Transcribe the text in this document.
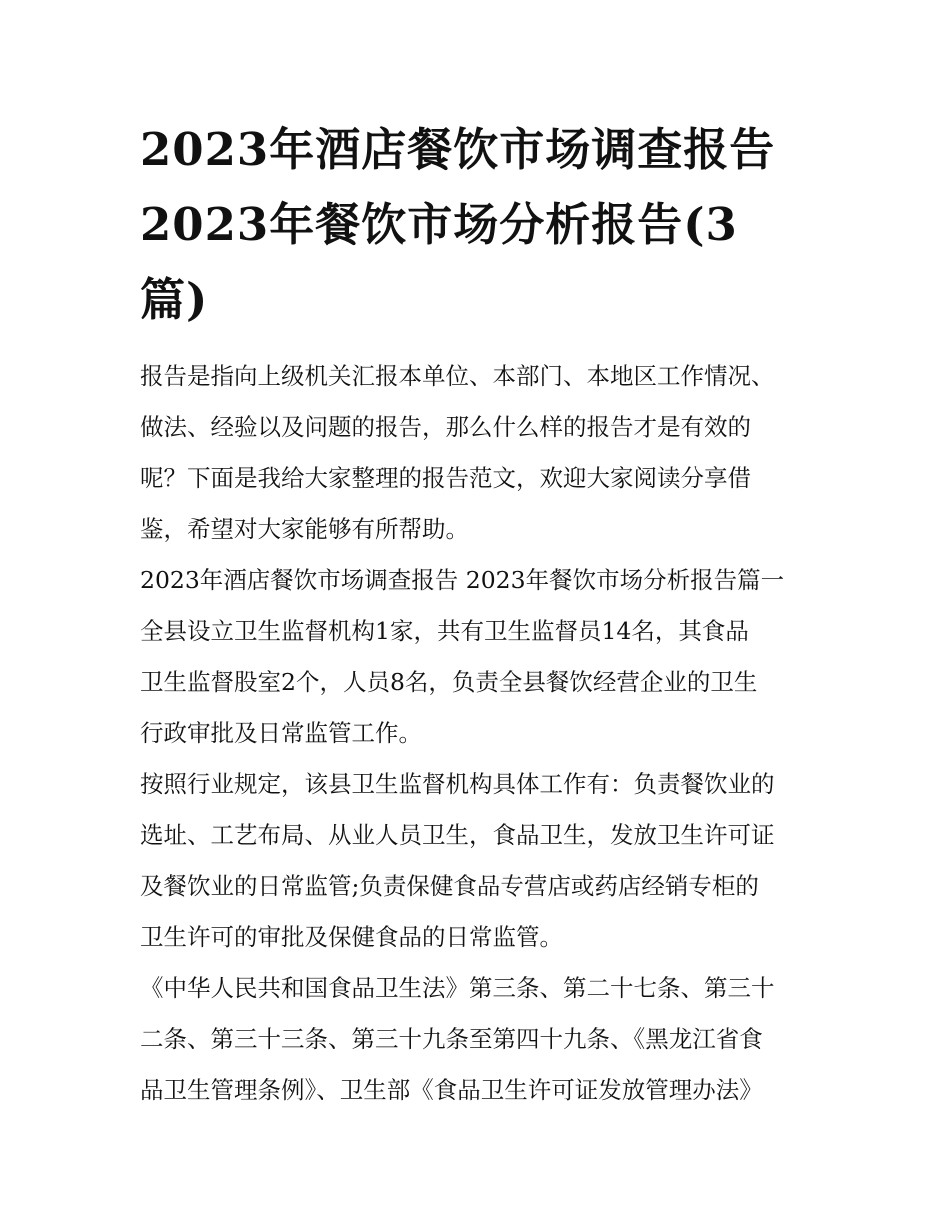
2023年酒店餐饮市场调查报告
2023年餐饮市场分析报告(3
篇)

报告是指向上级机关汇报本单位、本部门、本地区工作情况、
做法、经验以及问题的报告，那么什么样的报告才是有效的
呢？下面是我给大家整理的报告范文，欢迎大家阅读分享借
鉴，希望对大家能够有所帮助。

2023年酒店餐饮市场调查报告 2023年餐饮市场分析报告篇一

全县设立卫生监督机构1家，共有卫生监督员14名，其食品
卫生监督股室2个，人员8名，负责全县餐饮经营企业的卫生
行政审批及日常监管工作。

按照行业规定，该县卫生监督机构具体工作有：负责餐饮业的
选址、工艺布局、从业人员卫生，食品卫生，发放卫生许可证
及餐饮业的日常监管;负责保健食品专营店或药店经销专柜的
卫生许可的审批及保健食品的日常监管。

《中华人民共和国食品卫生法》第三条、第二十七条、第三十
二条、第三十三条、第三十九条至第四十九条、《黑龙江省食
品卫生管理条例》、卫生部《食品卫生许可证发放管理办法》
